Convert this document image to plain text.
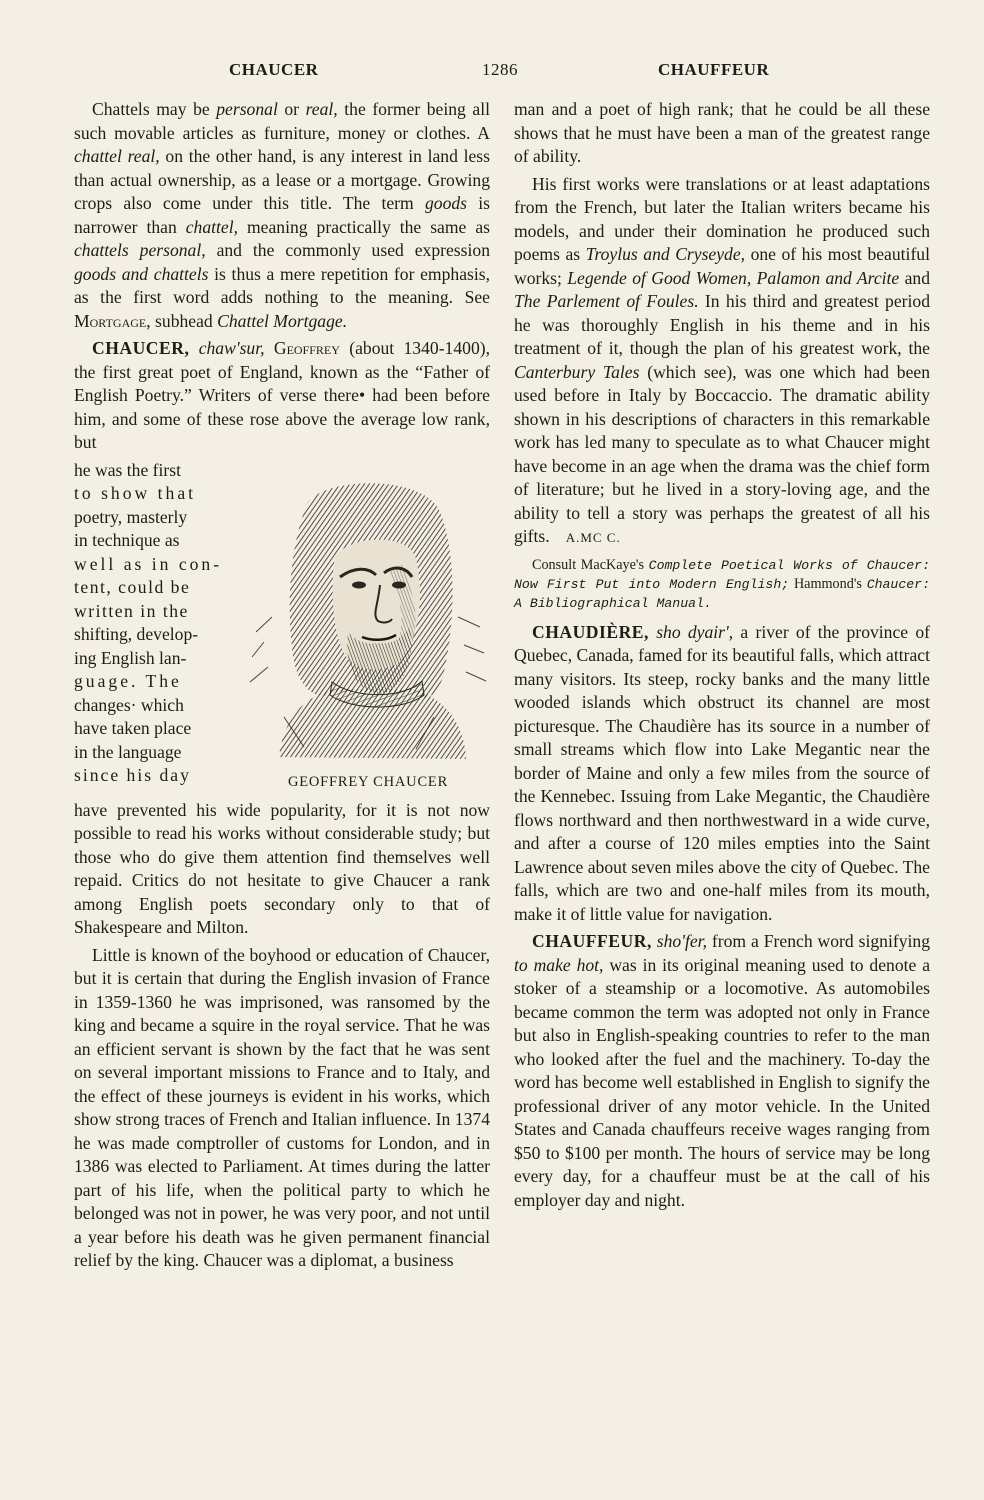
CHAUCER	1286	CHAUFFEUR

Chattels may be personal or real, the former being all such movable articles as furniture, money or clothes. A chattel real, on the other hand, is any interest in land less than actual ownership, as a lease or a mortgage. Growing crops also come under this title. The term goods is narrower than chattel, meaning practically the same as chattels personal, and the commonly used expression goods and chattels is thus a mere repetition for emphasis, as the first word adds nothing to the meaning. See Mortgage, subhead Chattel Mortgage.

CHAUCER, chaw'sur, Geoffrey (about 1340-1400), the first great poet of England, known as the “Father of English Poetry.” Writers of verse there• had been before him, and some of these rose above the average low rank, but

GEOFFREY CHAUCER
he was the first
to show that
poetry, masterly
in technique as
well as in con-
tent, could be
written in the
shifting, develop-
ing English lan-
guage. The
changes· which
have taken place
in the language
since his day

have prevented his wide popularity, for it is not now possible to read his works without considerable study; but those who do give them attention find themselves well repaid. Critics do not hesitate to give Chaucer a rank among English poets secondary only to that of Shakespeare and Milton.

Little is known of the boyhood or education of Chaucer, but it is certain that during the English invasion of France in 1359-1360 he was imprisoned, was ransomed by the king and became a squire in the royal service. That he was an efficient servant is shown by the fact that he was sent on several important missions to France and to Italy, and the effect of these journeys is evident in his works, which show strong traces of French and Italian influence. In 1374 he was made comptroller of customs for London, and in 1386 was elected to Parliament. At times during the latter part of his life, when the political party to which he belonged was not in power, he was very poor, and not until a year before his death was he given permanent financial relief by the king. Chaucer was a diplomat, a business

man and a poet of high rank; that he could be all these shows that he must have been a man of the greatest range of ability.

His first works were translations or at least adaptations from the French, but later the Italian writers became his models, and under their domination he produced such poems as Troylus and Cryseyde, one of his most beautiful works; Legende of Good Women, Palamon and Arcite and The Parlement of Foules. In his third and greatest period he was thoroughly English in his theme and in his treatment of it, though the plan of his greatest work, the Canterbury Tales (which see), was one which had been used before in Italy by Boccaccio. The dramatic ability shown in his descriptions of characters in this remarkable work has led many to speculate as to what Chaucer might have become in an age when the drama was the chief form of literature; but he lived in a story-loving age, and the ability to tell a story was perhaps the greatest of all his gifts. A.MC C.

Consult MacKaye's Complete Poetical Works of Chaucer: Now First Put into Modern English; Hammond's Chaucer: A Bibliographical Manual.

CHAUDIÈRE, sho dyair', a river of the province of Quebec, Canada, famed for its beautiful falls, which attract many visitors. Its steep, rocky banks and the many little wooded islands which obstruct its channel are most picturesque. The Chaudière has its source in a number of small streams which flow into Lake Megantic near the border of Maine and only a few miles from the source of the Kennebec. Issuing from Lake Megantic, the Chaudière flows northward and then northwestward in a wide curve, and after a course of 120 miles empties into the Saint Lawrence about seven miles above the city of Quebec. The falls, which are two and one-half miles from its mouth, make it of little value for navigation.

CHAUFFEUR, sho'fer, from a French word signifying to make hot, was in its original meaning used to denote a stoker of a steamship or a locomotive. As automobiles became common the term was adopted not only in France but also in English-speaking countries to refer to the man who looked after the fuel and the machinery. To-day the word has become well established in English to signify the professional driver of any motor vehicle. In the United States and Canada chauffeurs receive wages ranging from $50 to $100 per month. The hours of service may be long every day, for a chauffeur must be at the call of his employer day and night.
